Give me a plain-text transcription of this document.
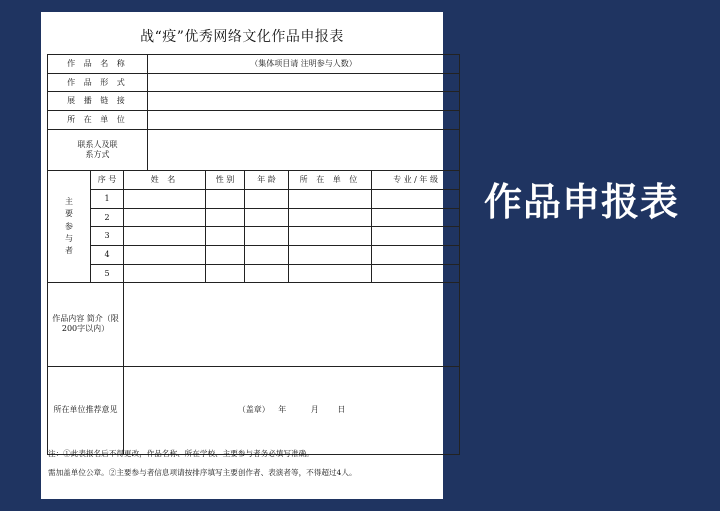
战“疫”优秀网络文化作品申报表
作 品 名 称			（集体项目请 注明参与人数）				
作 品 形 式							
展 播 链 接							
所 在 单 位							

联系人及联系方式							

主要参与者	序 号	姓 名		性 别	年 龄	所 在 单 位	专 业 / 年 级
	1						
	2						
	3						
	4						
	5						

作品内容 简介（限 200字以内）							

所在单位推荐意见		（盖章） 年 月 日					
注：①此表报名后不得更改，作品名称、所在学校、主要参与者务必填写准确。
需加盖单位公章。②主要参与者信息项请按排序填写主要创作者、表演者等，不得超过4人。
作品申报表
